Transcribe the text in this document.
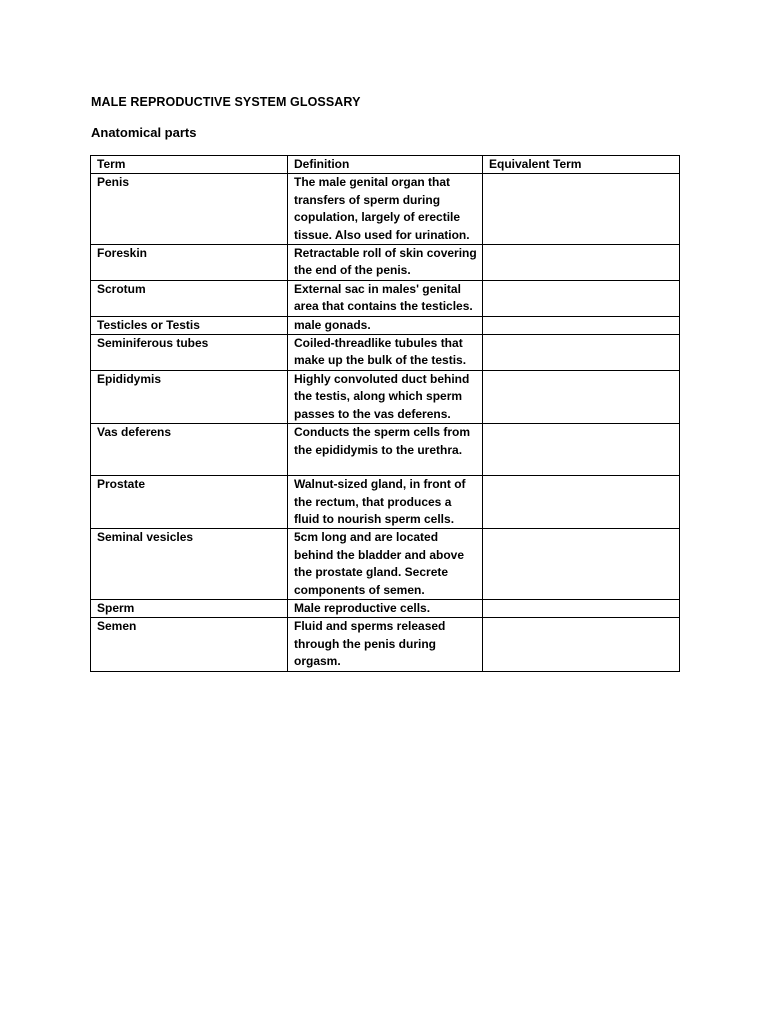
MALE REPRODUCTIVE SYSTEM GLOSSARY
Anatomical parts
Term	Definition	Equivalent Term
Penis	The male genital organ that transfers of sperm during copulation, largely of erectile tissue. Also used for urination.	
Foreskin	Retractable roll of skin covering the end of the penis.	
Scrotum	External sac in males' genital area that contains the testicles.	
Testicles or Testis	male gonads.	
Seminiferous tubes	Coiled-threadlike tubules that make up the bulk of the testis.	
Epididymis	Highly convoluted duct behind the testis, along which sperm passes to the vas deferens.	
Vas deferens	Conducts the sperm cells from the epididymis to the urethra.	
Prostate	Walnut-sized gland, in front of the rectum, that produces a fluid to nourish sperm cells.	
Seminal vesicles	5cm long and are located behind the bladder and above the prostate gland. Secrete components of semen.	
Sperm	Male reproductive cells.	
Semen	Fluid and sperms released through the penis during orgasm.	
